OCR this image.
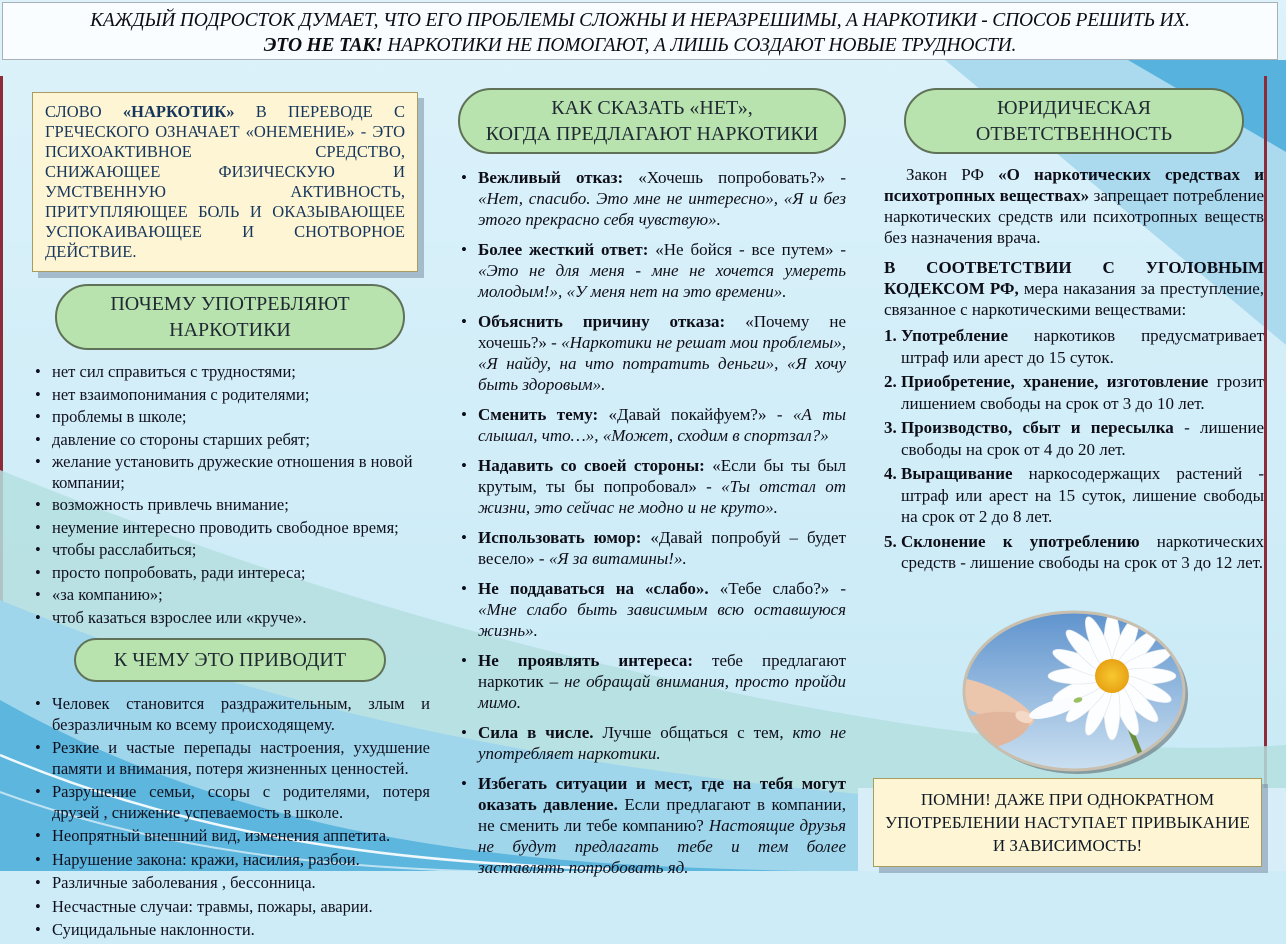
КАЖДЫЙ ПОДРОСТОК ДУМАЕТ, ЧТО ЕГО ПРОБЛЕМЫ СЛОЖНЫ И НЕРАЗРЕШИМЫ, А НАРКОТИКИ - СПОСОБ РЕШИТЬ ИХ.
ЭТО НЕ ТАК! НАРКОТИКИ НЕ ПОМОГАЮТ, А ЛИШЬ СОЗДАЮТ НОВЫЕ ТРУДНОСТИ.
СЛОВО «НАРКОТИК» В ПЕРЕВОДЕ С ГРЕЧЕСКОГО ОЗНАЧАЕТ «ОНЕМЕНИЕ» - ЭТО ПСИХОАКТИВНОЕ СРЕДСТВО, СНИЖАЮЩЕЕ ФИЗИЧЕСКУЮ И УМСТВЕННУЮ АКТИВНОСТЬ, ПРИТУПЛЯЮЩЕЕ БОЛЬ И ОКАЗЫВАЮЩЕЕ УСПОКАИВАЮЩЕЕ И СНОТВОРНОЕ ДЕЙСТВИЕ.
ПОЧЕМУ УПОТРЕБЛЯЮТ
НАРКОТИКИ
• нет сил справиться с трудностями;
• нет взаимопонимания с родителями;
• проблемы в школе;
• давление со стороны старших ребят;
• желание установить дружеские отношения в новой компании;
• возможность привлечь внимание;
• неумение интересно проводить свободное время;
• чтобы расслабиться;
• просто попробовать, ради интереса;
• «за компанию»;
• чтоб казаться взрослее или «круче».
К ЧЕМУ ЭТО ПРИВОДИТ
• Человек становится раздражительным, злым и безразличным ко всему происходящему.
• Резкие и частые перепады настроения, ухудшение памяти и внимания, потеря жизненных ценностей.
• Разрушение семьи, ссоры с родителями, потеря друзей , снижение успеваемость в школе.
• Неопрятный внешний вид, изменения аппетита.
• Нарушение закона: кражи, насилия, разбои.
• Различные заболевания , бессонница.
• Несчастные случаи: травмы, пожары, аварии.
• Суицидальные наклонности.
КАК СКАЗАТЬ «НЕТ»,
КОГДА ПРЕДЛАГАЮТ НАРКОТИКИ
• Вежливый отказ: «Хочешь попробовать?» - «Нет, спасибо. Это мне не интересно», «Я и без этого прекрасно себя чувствую».
• Более жесткий ответ: «Не бойся - все путем» - «Это не для меня - мне не хочется умереть молодым!», «У меня нет на это времени».
• Объяснить причину отказа: «Почему не хочешь?» - «Наркотики не решат мои проблемы», «Я найду, на что потратить деньги», «Я хочу быть здоровым».
• Сменить тему: «Давай покайфуем?» - «А ты слышал, что…», «Может, сходим в спортзал?»
• Надавить со своей стороны: «Если бы ты был крутым, ты бы попробовал» - «Ты отстал от жизни, это сейчас не модно и не круто».
• Использовать юмор: «Давай попробуй – будет весело» - «Я за витамины!».
• Не поддаваться на «слабо». «Тебе слабо?» - «Мне слабо быть зависимым всю оставшуюся жизнь».
• Не проявлять интереса: тебе предлагают наркотик – не обращай внимания, просто пройди мимо.
• Сила в числе. Лучше общаться с тем, кто не употребляет наркотики.
• Избегать ситуации и мест, где на тебя могут оказать давление. Если предлагают в компании, не сменить ли тебе компанию? Настоящие друзья не будут предлагать тебе и тем более заставлять попробовать яд.
ЮРИДИЧЕСКАЯ
ОТВЕТСТВЕННОСТЬ

Закон РФ «О наркотических средствах и психотропных веществах» запрещает потребление наркотических средств или психотропных веществ без назначения врача.

В СООТВЕТСТВИИ С УГОЛОВНЫМ КОДЕКСОМ РФ, мера наказания за преступление, связанное с наркотическими веществами:

1. Употребление наркотиков предусматривает штраф или арест до 15 суток.
2. Приобретение, хранение, изготовление грозит лишением свободы на срок от 3 до 10 лет.
3. Производство, сбыт и пересылка - лишение свободы на срок от 4 до 20 лет.
4. Выращивание наркосодержащих растений - штраф или арест на 15 суток, лишение свободы на срок от 2 до 8 лет.
5. Склонение к употреблению наркотических средств - лишение свободы на срок от 3 до 12 лет.
ПОМНИ! ДАЖЕ ПРИ ОДНОКРАТНОМ УПОТРЕБЛЕНИИ НАСТУПАЕТ ПРИВЫКАНИЕ И ЗАВИСИМОСТЬ!
